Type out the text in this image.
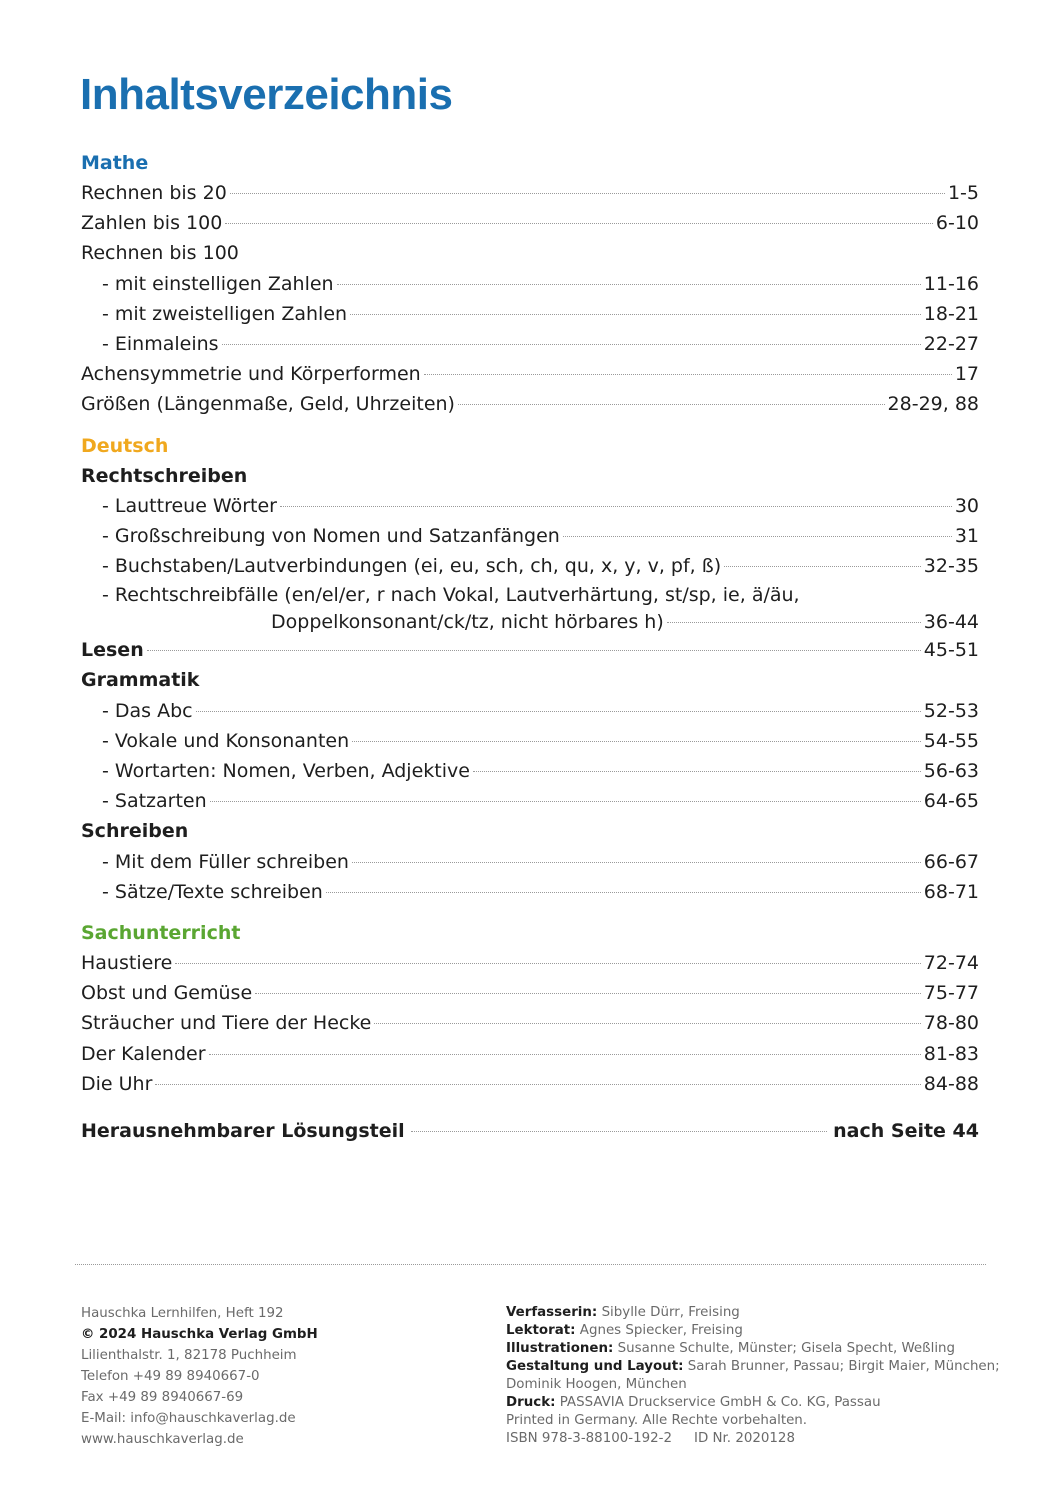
Inhaltsverzeichnis
Mathe
Rechnen bis 20	1-5
Zahlen bis 100	6-10
Rechnen bis 100
- mit einstelligen Zahlen	11-16
- mit zweistelligen Zahlen	18-21
- Einmaleins	22-27
Achensymmetrie und Körperformen	17
Größen (Längenmaße, Geld, Uhrzeiten)	28-29, 88
Deutsch
Rechtschreiben
- Lauttreue Wörter	30
- Großschreibung von Nomen und Satzanfängen	31
- Buchstaben/Lautverbindungen (ei, eu, sch, ch, qu, x, y, v, pf, ß)	32-35
- Rechtschreibfälle (en/el/er, r nach Vokal, Lautverhärtung, st/sp, ie, ä/äu,
Doppelkonsonant/ck/tz, nicht hörbares h)	36-44
Lesen	45-51
Grammatik
- Das Abc	52-53
- Vokale und Konsonanten	54-55
- Wortarten: Nomen, Verben, Adjektive	56-63
- Satzarten	64-65
Schreiben
- Mit dem Füller schreiben	66-67
- Sätze/Texte schreiben	68-71
Sachunterricht
Haustiere	72-74
Obst und Gemüse	75-77
Sträucher und Tiere der Hecke	78-80
Der Kalender	81-83
Die Uhr	84-88
Herausnehmbarer Lösungsteil	nach Seite 44
Hauschka Lernhilfen, Heft 192
© 2024 Hauschka Verlag GmbH
Lilienthalstr. 1, 82178 Puchheim
Telefon +49 89 8940667-0
Fax +49 89 8940667-69
E-Mail: info@hauschkaverlag.de
www.hauschkaverlag.de
Verfasserin: Sibylle Dürr, Freising
Lektorat: Agnes Spiecker, Freising
Illustrationen: Susanne Schulte, Münster; Gisela Specht, Weßling
Gestaltung und Layout: Sarah Brunner, Passau; Birgit Maier, München;
Dominik Hoogen, München
Druck: PASSAVIA Druckservice GmbH & Co. KG, Passau
Printed in Germany. Alle Rechte vorbehalten.
ISBN 978-3-88100-192-2 ID Nr. 2020128
